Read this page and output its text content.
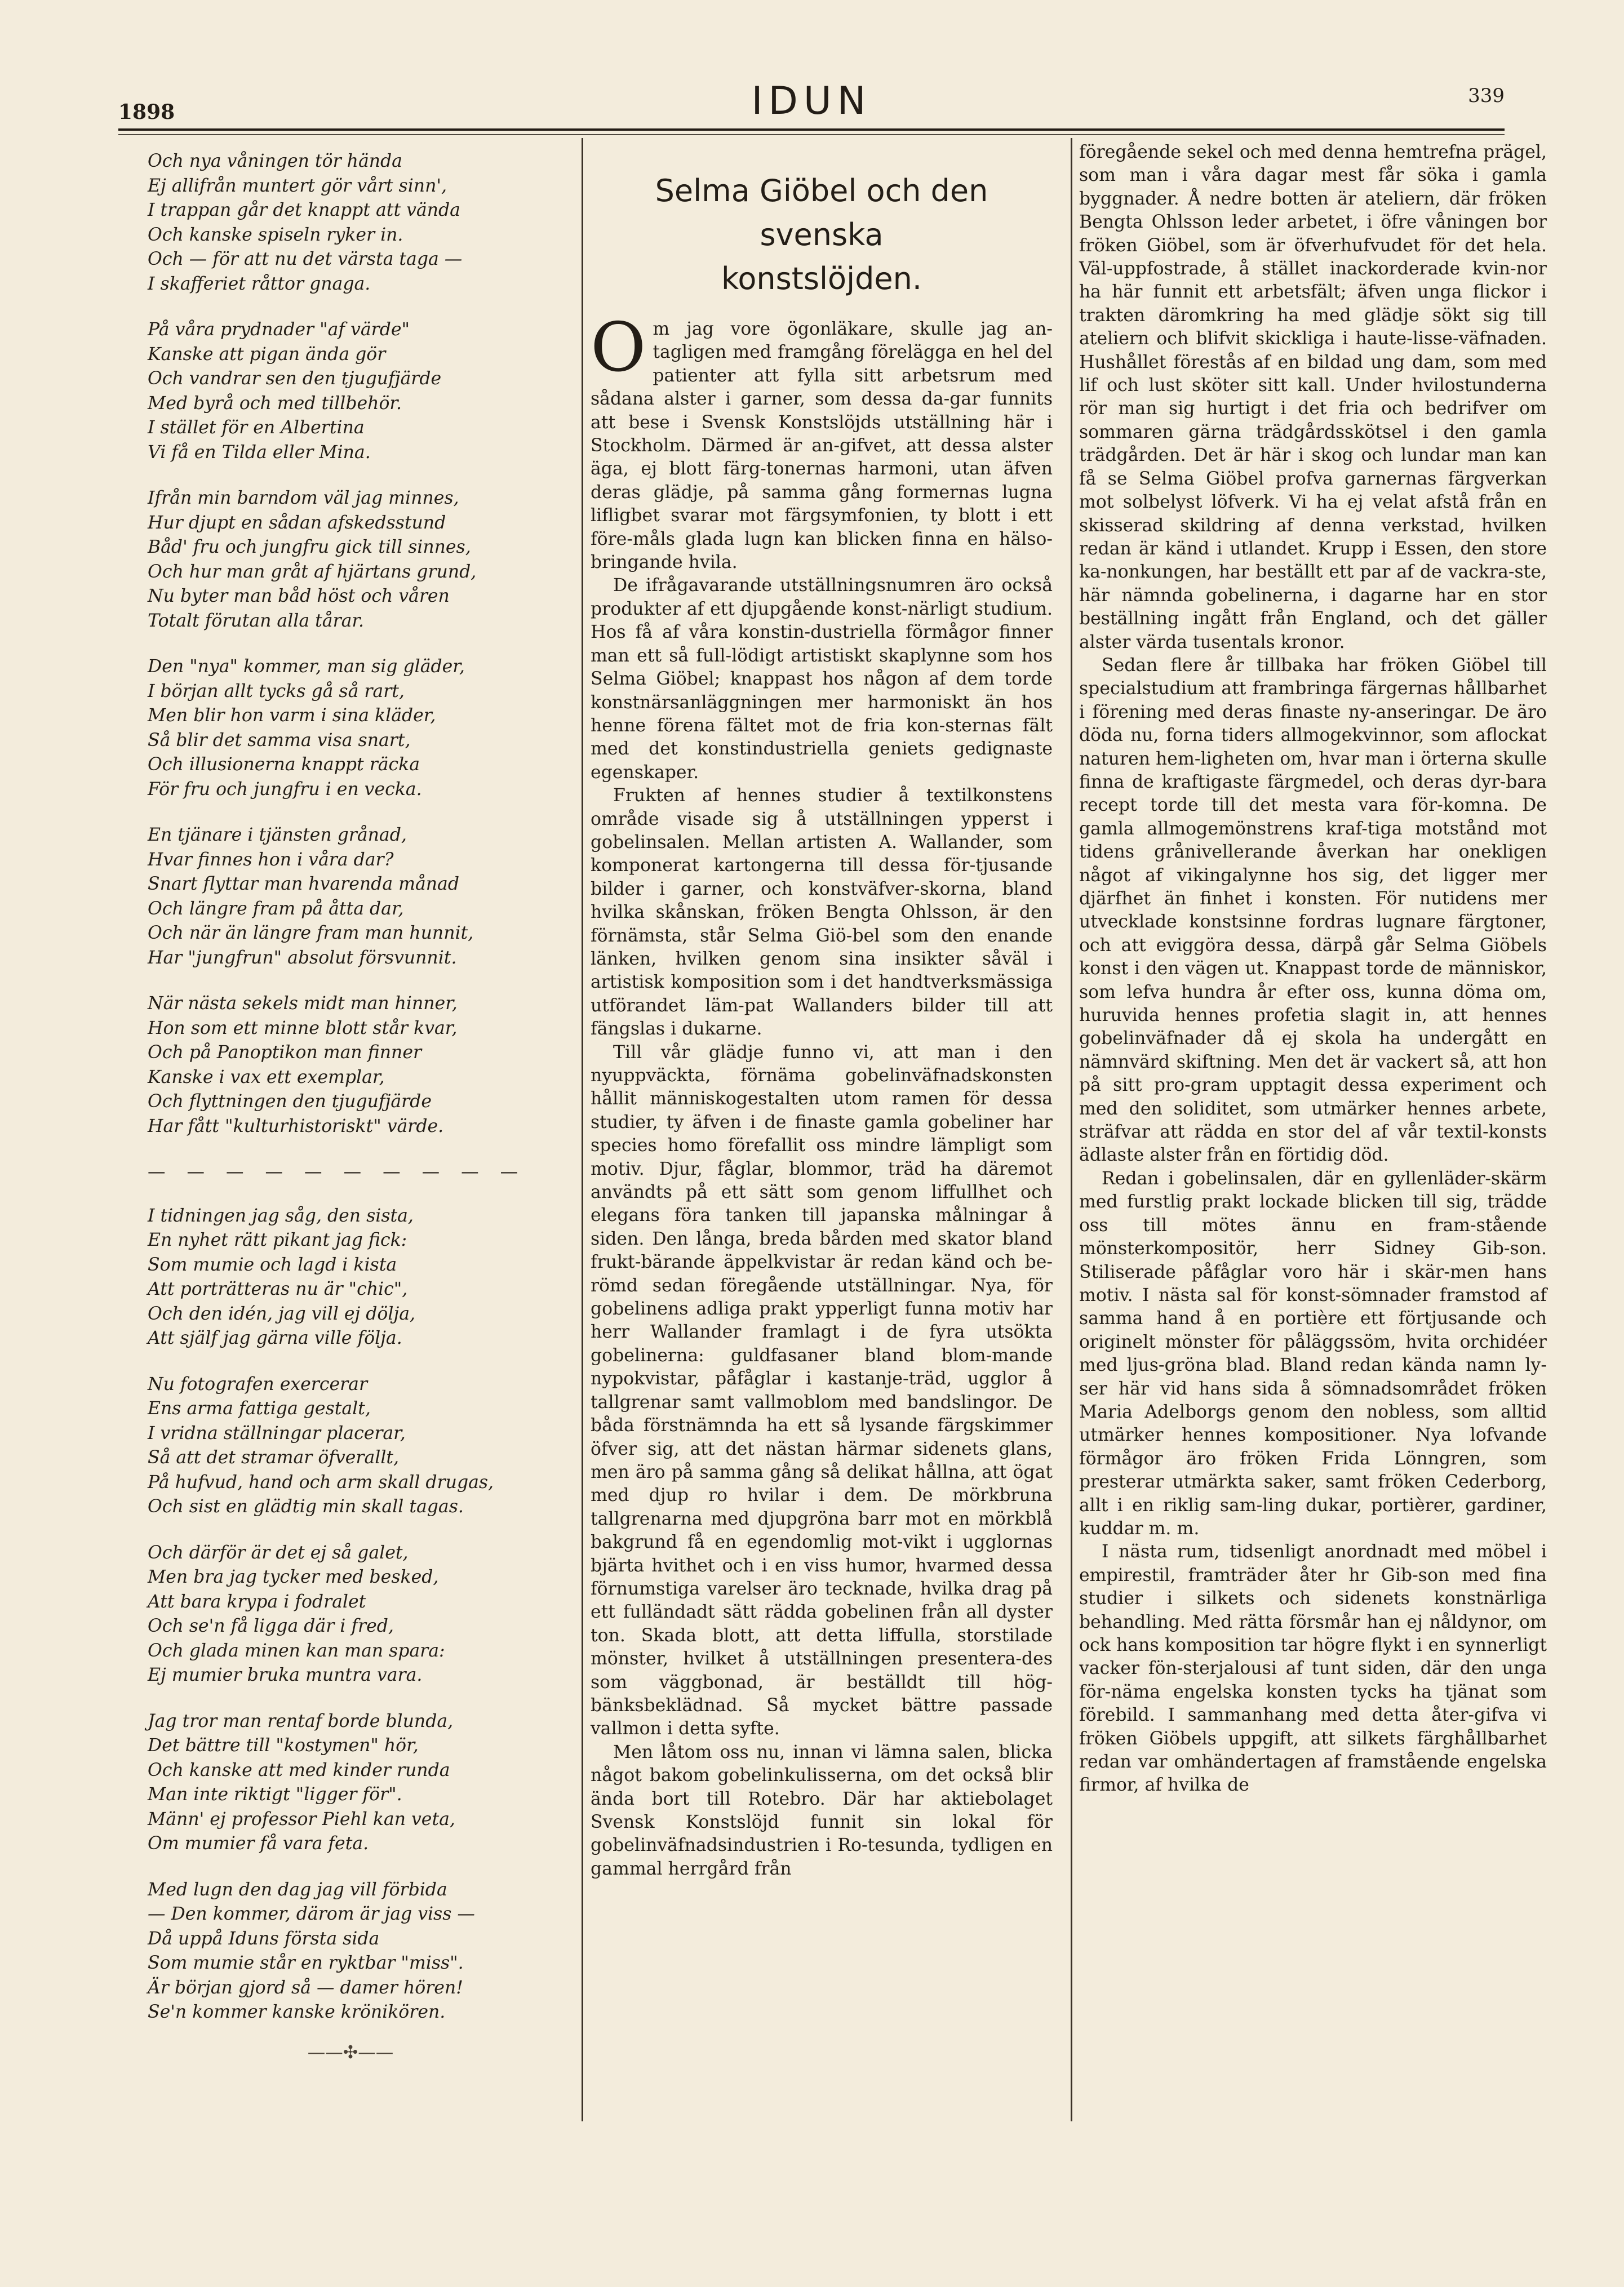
1898	IDUN	339
Och nya våningen tör hända
Ej allifrån muntert gör vårt sinn',
I trappan går det knappt att vända
Och kanske spiseln ryker in.
Och — för att nu det värsta taga —
I skafferiet råttor gnaga.
På våra prydnader "af värde"
Kanske att pigan ända gör
Och vandrar sen den tjugufjärde
Med byrå och med tillbehör.
I stället för en Albertina
Vi få en Tilda eller Mina.
Ifrån min barndom väl jag minnes,
Hur djupt en sådan afskedsstund
Båd' fru och jungfru gick till sinnes,
Och hur man gråt af hjärtans grund,
Nu byter man båd höst och våren
Totalt förutan alla tårar.
Den "nya" kommer, man sig gläder,
I början allt tycks gå så rart,
Men blir hon varm i sina kläder,
Så blir det samma visa snart,
Och illusionerna knappt räcka
För fru och jungfru i en vecka.
En tjänare i tjänsten grånad,
Hvar finnes hon i våra dar?
Snart flyttar man hvarenda månad
Och längre fram på åtta dar,
Och när än längre fram man hunnit,
Har "jungfrun" absolut försvunnit.
När nästa sekels midt man hinner,
Hon som ett minne blott står kvar,
Och på Panoptikon man finner
Kanske i vax ett exemplar,
Och flyttningen den tjugufjärde
Har fått "kulturhistoriskt" värde.
— — — — — — — — — —
I tidningen jag såg, den sista,
En nyhet rätt pikant jag fick:
Som mumie och lagd i kista
Att porträtteras nu är "chic",
Och den idén, jag vill ej dölja,
Att själf jag gärna ville följa.
Nu fotografen exercerar
Ens arma fattiga gestalt,
I vridna ställningar placerar,
Så att det stramar öfverallt,
På hufvud, hand och arm skall drugas,
Och sist en glädtig min skall tagas.
Och därför är det ej så galet,
Men bra jag tycker med besked,
Att bara krypa i fodralet
Och se'n få ligga där i fred,
Och glada minen kan man spara:
Ej mumier bruka muntra vara.
Jag tror man rentaf borde blunda,
Det bättre till "kostymen" hör,
Och kanske att med kinder runda
Man inte riktigt "ligger för".
Männ' ej professor Piehl kan veta,
Om mumier få vara feta.
Med lugn den dag jag vill förbida
— Den kommer, därom är jag viss —
Då uppå Iduns första sida
Som mumie står en ryktbar "miss".
Är början gjord så — damer hören!
Se'n kommer kanske krönikören.
——✣——
Selma Giöbel och den svenska
konstslöjden.

Om jag vore ögonläkare, skulle jag an-tagligen med framgång förelägga en hel del patienter att fylla sitt arbetsrum med sådana alster i garner, som dessa da-gar funnits att bese i Svensk Konstslöjds utställning här i Stockholm. Därmed är an-gifvet, att dessa alster äga, ej blott färg-tonernas harmoni, utan äfven deras glädje, på samma gång formernas lugna lifligbet svarar mot färgsymfonien, ty blott i ett före-måls glada lugn kan blicken finna en hälso-bringande hvila.

De ifrågavarande utställningsnumren äro också produkter af ett djupgående konst-närligt studium. Hos få af våra konstin-dustriella förmågor finner man ett så full-lödigt artistiskt skaplynne som hos Selma Giöbel; knappast hos någon af dem torde konstnärsanläggningen mer harmoniskt än hos henne förena fältet mot de fria kon-sternas fält med det konstindustriella geniets gedignaste egenskaper.

Frukten af hennes studier å textilkonstens område visade sig å utställningen ypperst i gobelinsalen. Mellan artisten A. Wallander, som komponerat kartongerna till dessa för-tjusande bilder i garner, och konstväfver-skorna, bland hvilka skånskan, fröken Bengta Ohlsson, är den förnämsta, står Selma Giö-bel som den enande länken, hvilken genom sina insikter såväl i artistisk komposition som i det handtverksmässiga utförandet läm-pat Wallanders bilder till att fängslas i dukarne.

Till vår glädje funno vi, att man i den nyuppväckta, förnäma gobelinväfnadskonsten hållit människogestalten utom ramen för dessa studier, ty äfven i de finaste gamla gobeliner har species homo förefallit oss mindre lämpligt som motiv. Djur, fåglar, blommor, träd ha däremot användts på ett sätt som genom liffullhet och elegans föra tanken till japanska målningar å siden. Den långa, breda bården med skator bland frukt-bärande äppelkvistar är redan känd och be-römd sedan föregående utställningar. Nya, för gobelinens adliga prakt ypperligt funna motiv har herr Wallander framlagt i de fyra utsökta gobelinerna: guldfasaner bland blom-mande nypokvistar, påfåglar i kastanje-träd, ugglor å tallgrenar samt vallmoblom med bandslingor. De båda förstnämnda ha ett så lysande färgskimmer öfver sig, att det nästan härmar sidenets glans, men äro på samma gång så delikat hållna, att ögat med djup ro hvilar i dem. De mörkbruna tallgrenarna med djupgröna barr mot en mörkblå bakgrund få en egendomlig mot-vikt i ugglornas bjärta hvithet och i en viss humor, hvarmed dessa förnumstiga varelser äro tecknade, hvilka drag på ett fulländadt sätt rädda gobelinen från all dyster ton. Skada blott, att detta liffulla, storstilade mönster, hvilket å utställningen presentera-des som väggbonad, är beställdt till hög-bänksbeklädnad. Så mycket bättre passade vallmon i detta syfte.

Men låtom oss nu, innan vi lämna salen, blicka något bakom gobelinkulisserna, om det också blir ända bort till Rotebro. Där har aktiebolaget Svensk Konstslöjd funnit sin lokal för gobelinväfnadsindustrien i Ro-tesunda, tydligen en gammal herrgård från

föregående sekel och med denna hemtrefna prägel, som man i våra dagar mest får söka i gamla byggnader. Å nedre botten är ateliern, där fröken Bengta Ohlsson leder arbetet, i öfre våningen bor fröken Giöbel, som är öfverhufvudet för det hela. Väl-uppfostrade, å stället inackorderade kvin-nor ha här funnit ett arbetsfält; äfven unga flickor i trakten däromkring ha med glädje sökt sig till ateliern och blifvit skickliga i haute-lisse-väfnaden. Hushållet förestås af en bildad ung dam, som med lif och lust sköter sitt kall. Under hvilostunderna rör man sig hurtigt i det fria och bedrifver om sommaren gärna trädgårdsskötsel i den gamla trädgården. Det är här i skog och lundar man kan få se Selma Giöbel profva garnernas färgverkan mot solbelyst löfverk. Vi ha ej velat afstå från en skisserad skildring af denna verkstad, hvilken redan är känd i utlandet. Krupp i Essen, den store ka-nonkungen, har beställt ett par af de vackra-ste, här nämnda gobelinerna, i dagarne har en stor beställning ingått från England, och det gäller alster värda tusentals kronor.

Sedan flere år tillbaka har fröken Giöbel till specialstudium att frambringa färgernas hållbarhet i förening med deras finaste ny-anseringar. De äro döda nu, forna tiders allmogekvinnor, som aflockat naturen hem-ligheten om, hvar man i örterna skulle finna de kraftigaste färgmedel, och deras dyr-bara recept torde till det mesta vara för-komna. De gamla allmogemönstrens kraf-tiga motstånd mot tidens grånivellerande åverkan har onekligen något af vikingalynne hos sig, det ligger mer djärfhet än finhet i konsten. För nutidens mer utvecklade konstsinne fordras lugnare färgtoner, och att eviggöra dessa, därpå går Selma Giöbels konst i den vägen ut. Knappast torde de människor, som lefva hundra år efter oss, kunna döma om, huruvida hennes profetia slagit in, att hennes gobelinväfnader då ej skola ha undergått en nämnvärd skiftning. Men det är vackert så, att hon på sitt pro-gram upptagit dessa experiment och med den soliditet, som utmärker hennes arbete, sträfvar att rädda en stor del af vår textil-konsts ädlaste alster från en förtidig död.

Redan i gobelinsalen, där en gyllenläder-skärm med furstlig prakt lockade blicken till sig, trädde oss till mötes ännu en fram-stående mönsterkompositör, herr Sidney Gib-son. Stiliserade påfåglar voro här i skär-men hans motiv. I nästa sal för konst-sömnader framstod af samma hand å en portière ett förtjusande och originelt mönster för påläggssöm, hvita orchidéer med ljus-gröna blad. Bland redan kända namn ly-ser här vid hans sida å sömnadsområdet fröken Maria Adelborgs genom den nobless, som alltid utmärker hennes kompositioner. Nya lofvande förmågor äro fröken Frida Lönngren, som presterar utmärkta saker, samt fröken Cederborg, allt i en riklig sam-ling dukar, portièrer, gardiner, kuddar m. m.

I nästa rum, tidsenligt anordnadt med möbel i empirestil, framträder åter hr Gib-son med fina studier i silkets och sidenets konstnärliga behandling. Med rätta försmår han ej nåldynor, om ock hans komposition tar högre flykt i en synnerligt vacker fön-sterjalousi af tunt siden, där den unga för-näma engelska konsten tycks ha tjänat som förebild. I sammanhang med detta åter-gifva vi fröken Giöbels uppgift, att silkets färghållbarhet redan var omhändertagen af framstående engelska firmor, af hvilka de
